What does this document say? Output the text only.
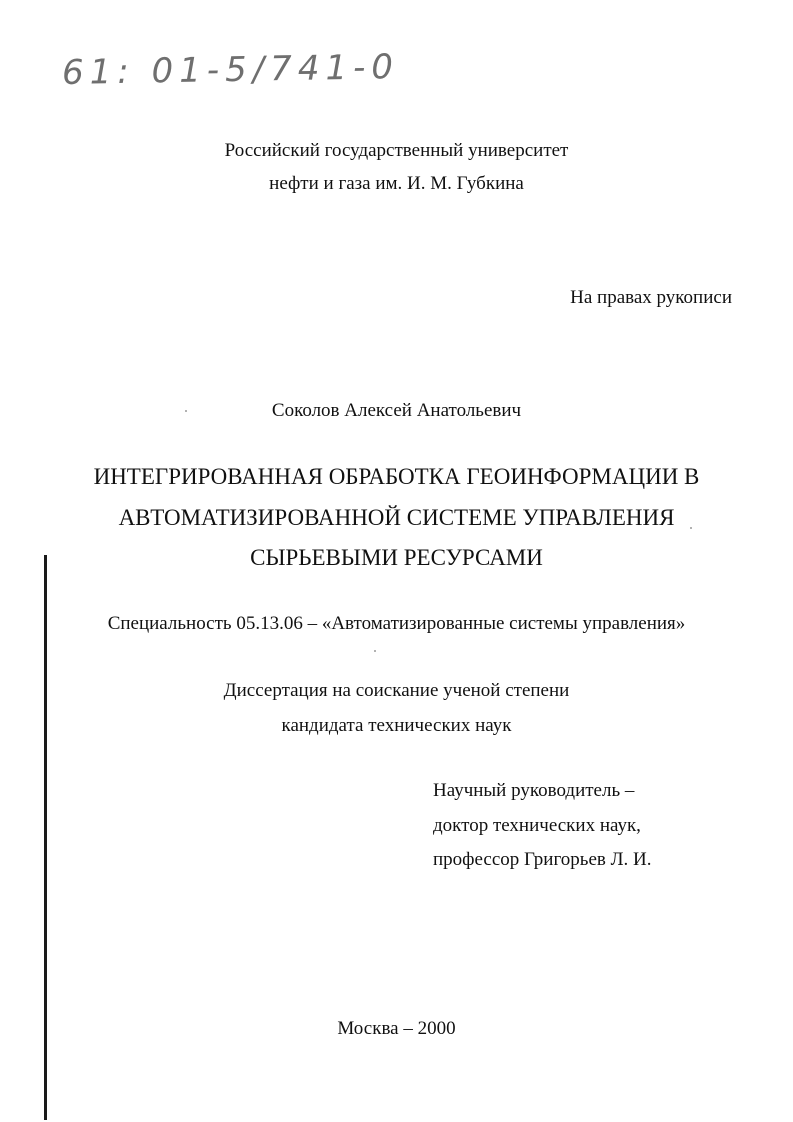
61: 01-5/741-0
Российский государственный университет
нефти и газа им. И. М. Губкина
На правах рукописи
Соколов Алексей Анатольевич
ИНТЕГРИРОВАННАЯ ОБРАБОТКА ГЕОИНФОРМАЦИИ В
АВТОМАТИЗИРОВАННОЙ СИСТЕМЕ УПРАВЛЕНИЯ
СЫРЬЕВЫМИ РЕСУРСАМИ
Специальность 05.13.06 – «Автоматизированные системы управления»
Диссертация на соискание ученой степени
кандидата технических наук
Научный руководитель –
доктор технических наук,
профессор Григорьев Л. И.
Москва – 2000
